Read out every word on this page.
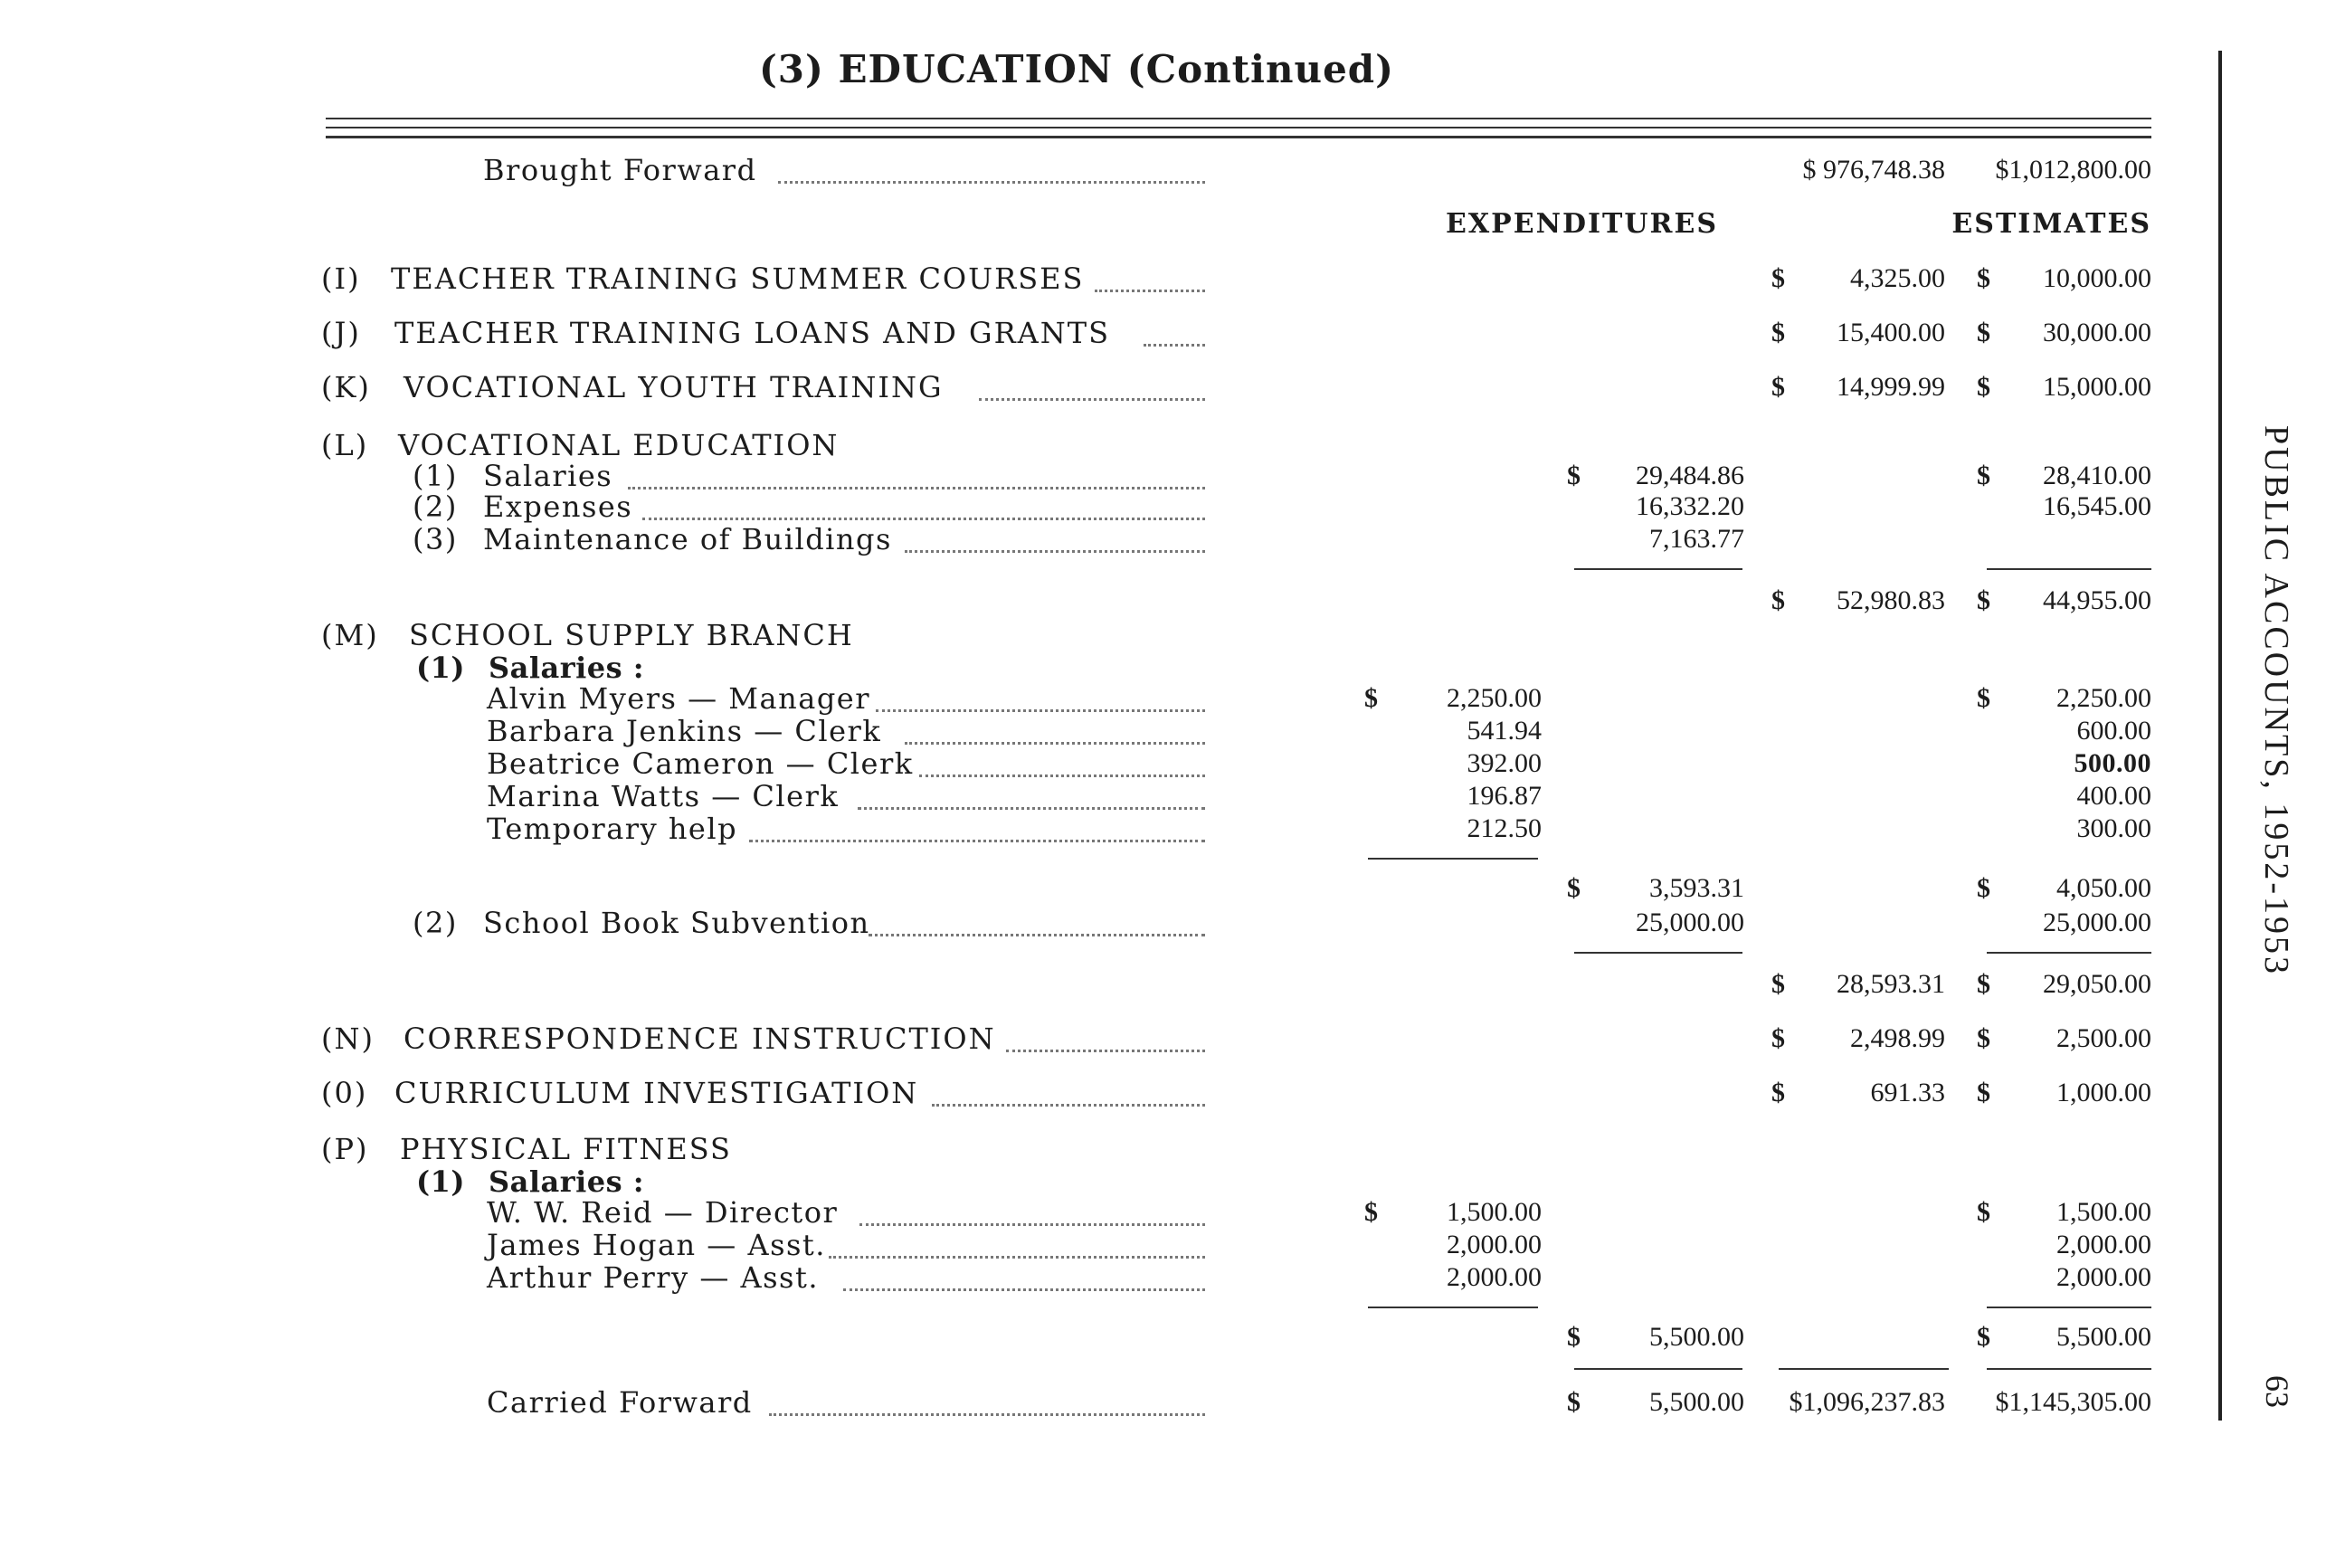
(3) EDUCATION (Continued)
PUBLIC ACCOUNTS, 1952-1953
63
Brought Forward	$ 976,748.38 $1,012,800.00
EXPENDITURES	ESTIMATES
(I) TEACHER TRAINING SUMMER COURSES	$ 4,325.00 $ 10,000.00
(J) TEACHER TRAINING LOANS AND GRANTS	$ 15,400.00 $ 30,000.00
(K) VOCATIONAL YOUTH TRAINING	$ 14,999.99 $ 15,000.00
(L) VOCATIONAL EDUCATION
(1) Salaries	$ 29,484.86	$ 28,410.00
(2) Expenses	16,332.20	16,545.00
(3) Maintenance of Buildings	7,163.77
$ 52,980.83 $ 44,955.00
(M) SCHOOL SUPPLY BRANCH
(1) Salaries :
Alvin Myers — Manager	$	2,250.00	$ 2,250.00
Barbara Jenkins — Clerk	541.94	600.00
Beatrice Cameron — Clerk	392.00	500.00
Marina Watts — Clerk	196.87	400.00
Temporary help	212.50	300.00
$	3,593.31	$ 4,050.00
(2) School Book Subvention	25,000.00	25,000.00
$ 28,593.31 $ 29,050.00
(N) CORRESPONDENCE INSTRUCTION	$ 2,498.99 $ 2,500.00
(0) CURRICULUM INVESTIGATION	$	691.33 $ 1,000.00
(P) PHYSICAL FITNESS
(1) Salaries :
W. W. Reid — Director	$	1,500.00	$ 1,500.00
James Hogan — Asst.	2,000.00	2,000.00
Arthur Perry — Asst.	2,000.00	2,000.00
$	5,500.00	$ 5,500.00
Carried Forward	$	5,500.00 $1,096,237.83 $1,145,305.00
